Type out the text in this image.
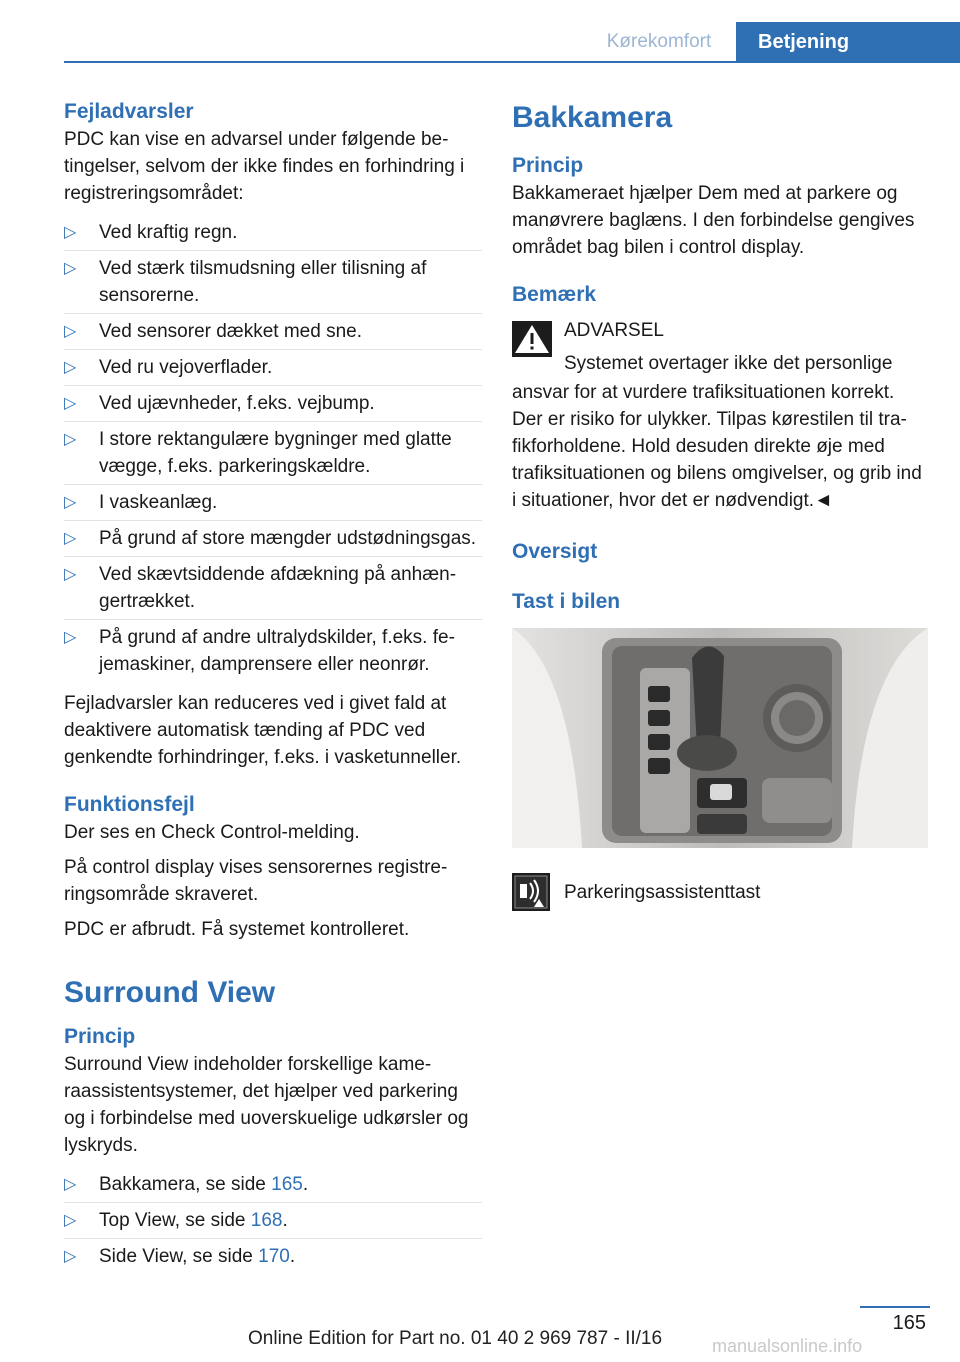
Kørekomfort	Betjening
Fejladvarsler

PDC kan vise en advarsel under følgende betingelser, selvom der ikke findes en forhindring i registreringsområdet:

▷ Ved kraftig regn.
▷ Ved stærk tilsmudsning eller tilisning af sensorerne.
▷ Ved sensorer dækket med sne.
▷ Ved ru vejoverflader.
▷ Ved ujævnheder, f.eks. vejbump.
▷ I store rektangulære bygninger med glatte vægge, f.eks. parkeringskældre.
▷ I vaskeanlæg.
▷ På grund af store mængder udstødningsgas.
▷ Ved skævtsiddende afdækning på anhængertrækket.
▷ På grund af andre ultralydskilder, f.eks. fejemaskiner, damprensere eller neonrør.

Fejladvarsler kan reduceres ved i givet fald at deaktivere automatisk tænding af PDC ved genkendte forhindringer, f.eks. i vasketunneller.

Funktionsfejl

Der ses en Check Control-melding.

På control display vises sensorernes registreringsområde skraveret.

PDC er afbrudt. Få systemet kontrolleret.

Surround View
Princip

Surround View indeholder forskellige kameraassistentsystemer, det hjælper ved parkering og i forbindelse med uoverskuelige udkørsler og lyskryds.

▷ Bakkamera, se side 165.
▷ Top View, se side 168.
▷ Side View, se side 170.
Bakkamera
Princip

Bakkameraet hjælper Dem med at parkere og manøvrere baglæns. I den forbindelse gengives området bag bilen i control display.

Bemærk
ADVARSEL
Systemet overtager ikke det personlige
ansvar for at vurdere trafiksituationen korrekt. Der er risiko for ulykker. Tilpas kørestilen til trafikforholdene. Hold desuden direkte øje med trafiksituationen og bilens omgivelser, og grib ind i situationer, hvor det er nødvendigt.◄
Oversigt
Tast i bilen
Parkeringsassistenttast
165
Online Edition for Part no. 01 40 2 969 787 - II/16	manualsonline.info
